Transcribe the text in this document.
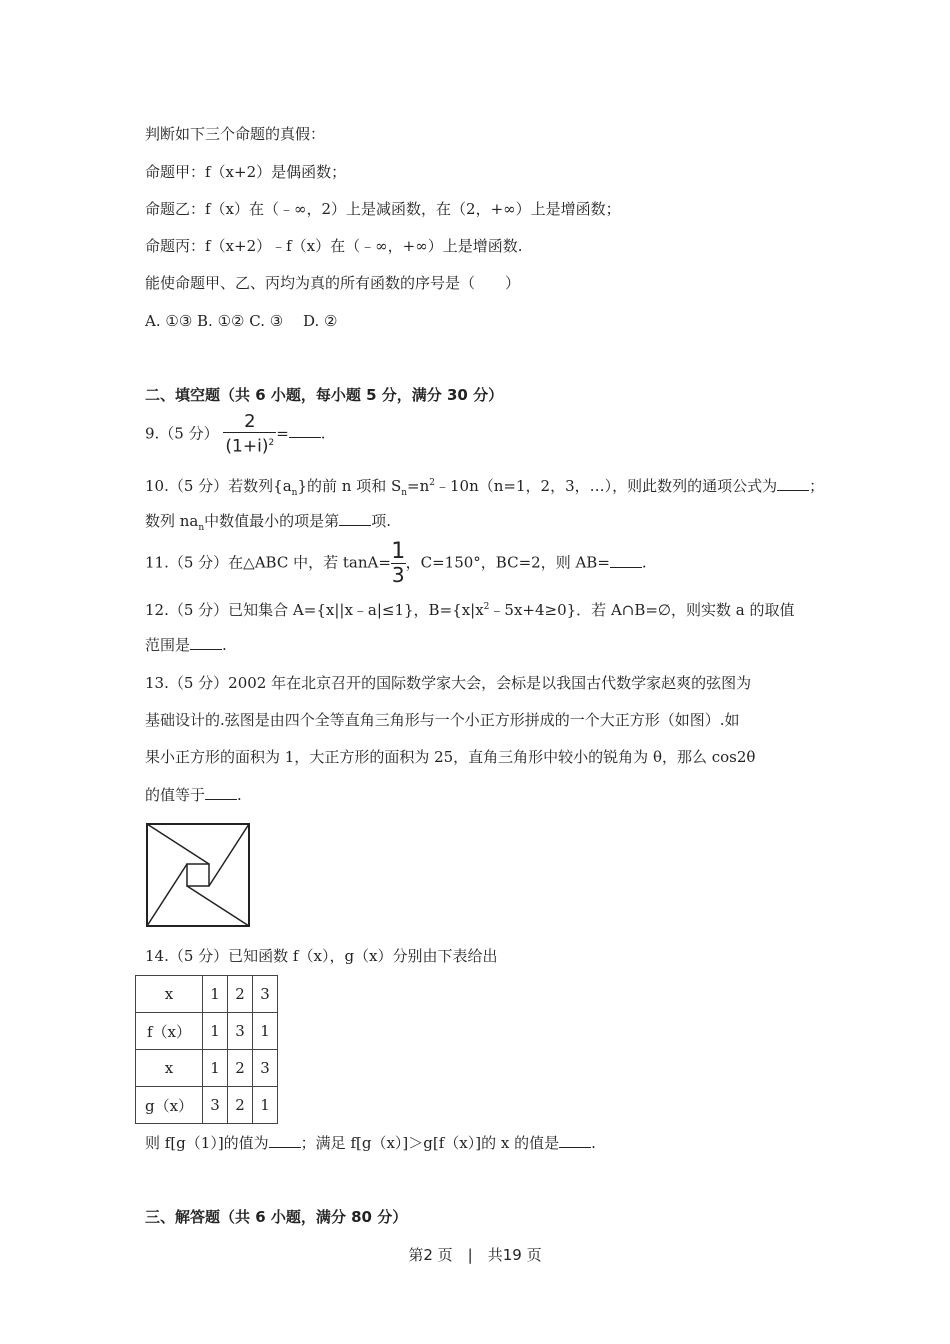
判断如下三个命题的真假：
命题甲：f（x+2）是偶函数；
命题乙：f（x）在（﹣∞，2）上是减函数，在（2，+∞）上是增函数；
命题丙：f（x+2）﹣f（x）在（﹣∞，+∞）上是增函数.
能使命题甲、乙、丙均为真的所有函数的序号是（　　）
A. ①③ B. ①② C. ③　 D. ②
二、填空题（共 6 小题，每小题 5 分，满分 30 分）
9.（5 分） $\frac{2}{(1+i)^2}$ = .
10.（5 分）若数列$\{a_n\}$的前 n 项和 $S_n=n^2﹣10n(n=1$，2，3，…），则此数列的通项公式为 ；
数列 $na_n$中数值最小的项是第 项.
11.（5 分）在△ABC 中，若 $\tan A= \frac{1}{3}$ ，C=150°，BC=2，则 AB= .
12.（5 分）已知集合 A={x||x﹣a|≤1}，$B=\{x|x^2﹣5x+4\ge 0\}$．若 A∩B=∅，则实数 a 的取值
范围是 .
13.（5 分）2002 年在北京召开的国际数学家大会，会标是以我国古代数学家赵爽的弦图为
基础设计的.弦图是由四个全等直角三角形与一个小正方形拼成的一个大正方形（如图）.如
果小正方形的面积为 1，大正方形的面积为 25，直角三角形中较小的锐角为 θ，那么 cos2θ
的值等于 .
14.（5 分）已知函数 f（x），g（x）分别由下表给出
x	1	2	3
f（x）	1	3	1
x	1	2	3
g（x）	3	2	1
则 f[g（1）]的值为 ；满足 f[g（x）]＞g[f（x）]的 x 的值是 .
三、解答题（共 6 小题，满分 80 分）
第2 页　|　共19 页
